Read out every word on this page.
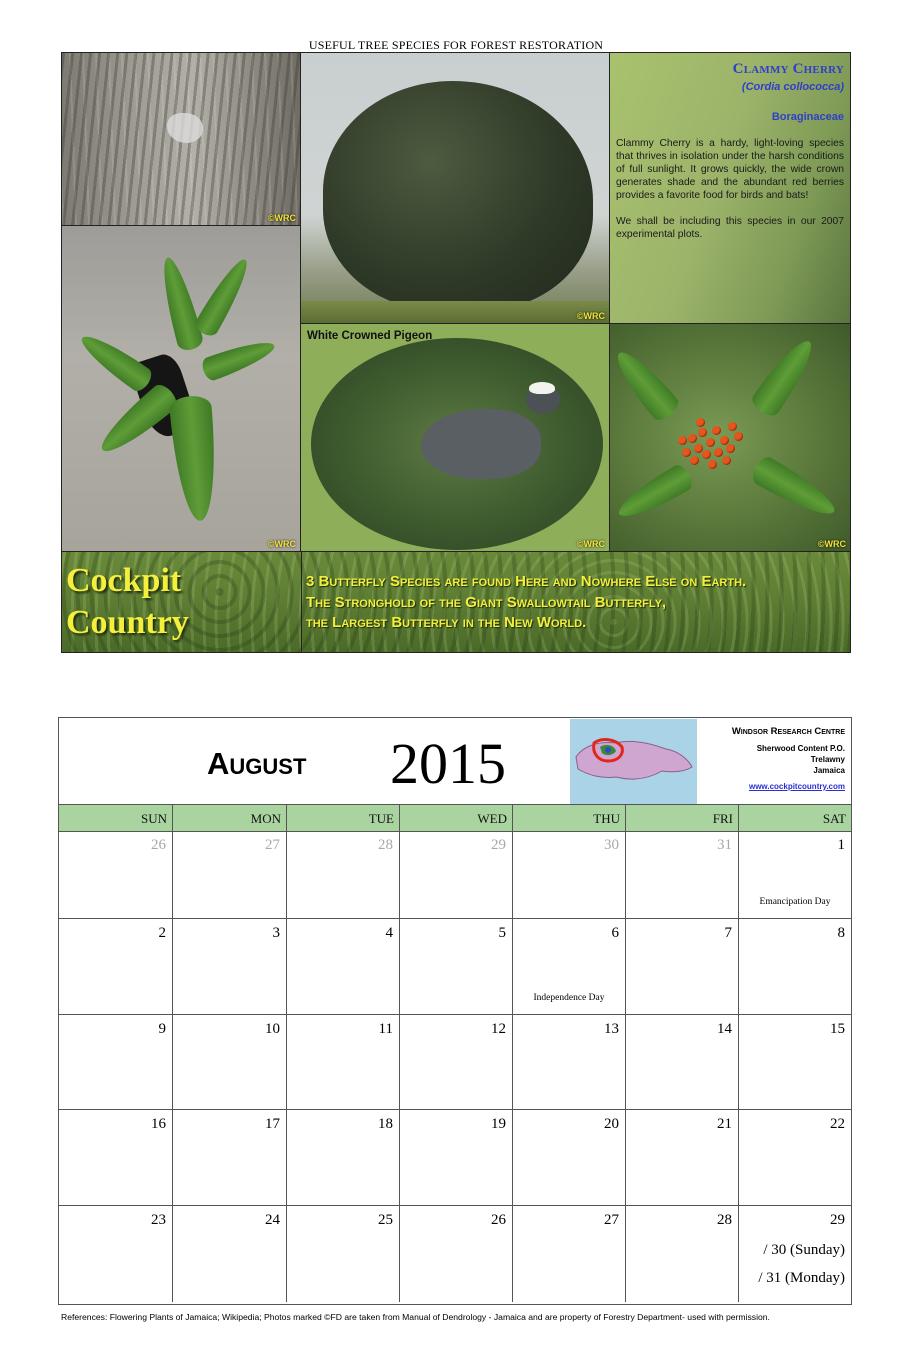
USEFUL TREE SPECIES FOR FOREST RESTORATION
©WRC
©WRC
Clammy Cherry
(Cordia collococca)
Boraginaceae

Clammy Cherry is a hardy, light-loving species that thrives in isolation under the harsh conditions of full sunlight. It grows quickly, the wide crown generates shade and the abundant red berries provides a favorite food for birds and bats!

We shall be including this species in our 2007 experimental plots.

©WRC
White Crowned Pigeon
©WRC	©WRC
Cockpit
Country
3 Butterfly Species are found Here and Nowhere Else on Earth.
The Stronghold of the Giant Swallowtail Butterfly,
the Largest Butterfly in the New World.
August 2015	Windsor Research Centre
Sherwood Content P.O.
Trelawny
Jamaica
www.cockpitcountry.com
SUN	MON	TUE	WED	THU	FRI	SAT
26	27	28	29	30	31	1
Emancipation Day
2	3	4	5	6
Independence Day
7	8
9	10	11	12	13	14	15
16	17	18	19	20	21	22
23	24	25	26	27	28	29
/ 30 (Sunday)
/ 31 (Monday)
References: Flowering Plants of Jamaica; Wikipedia; Photos marked ©FD are taken from Manual of Dendrology - Jamaica and are property of Forestry Department- used with permission.
